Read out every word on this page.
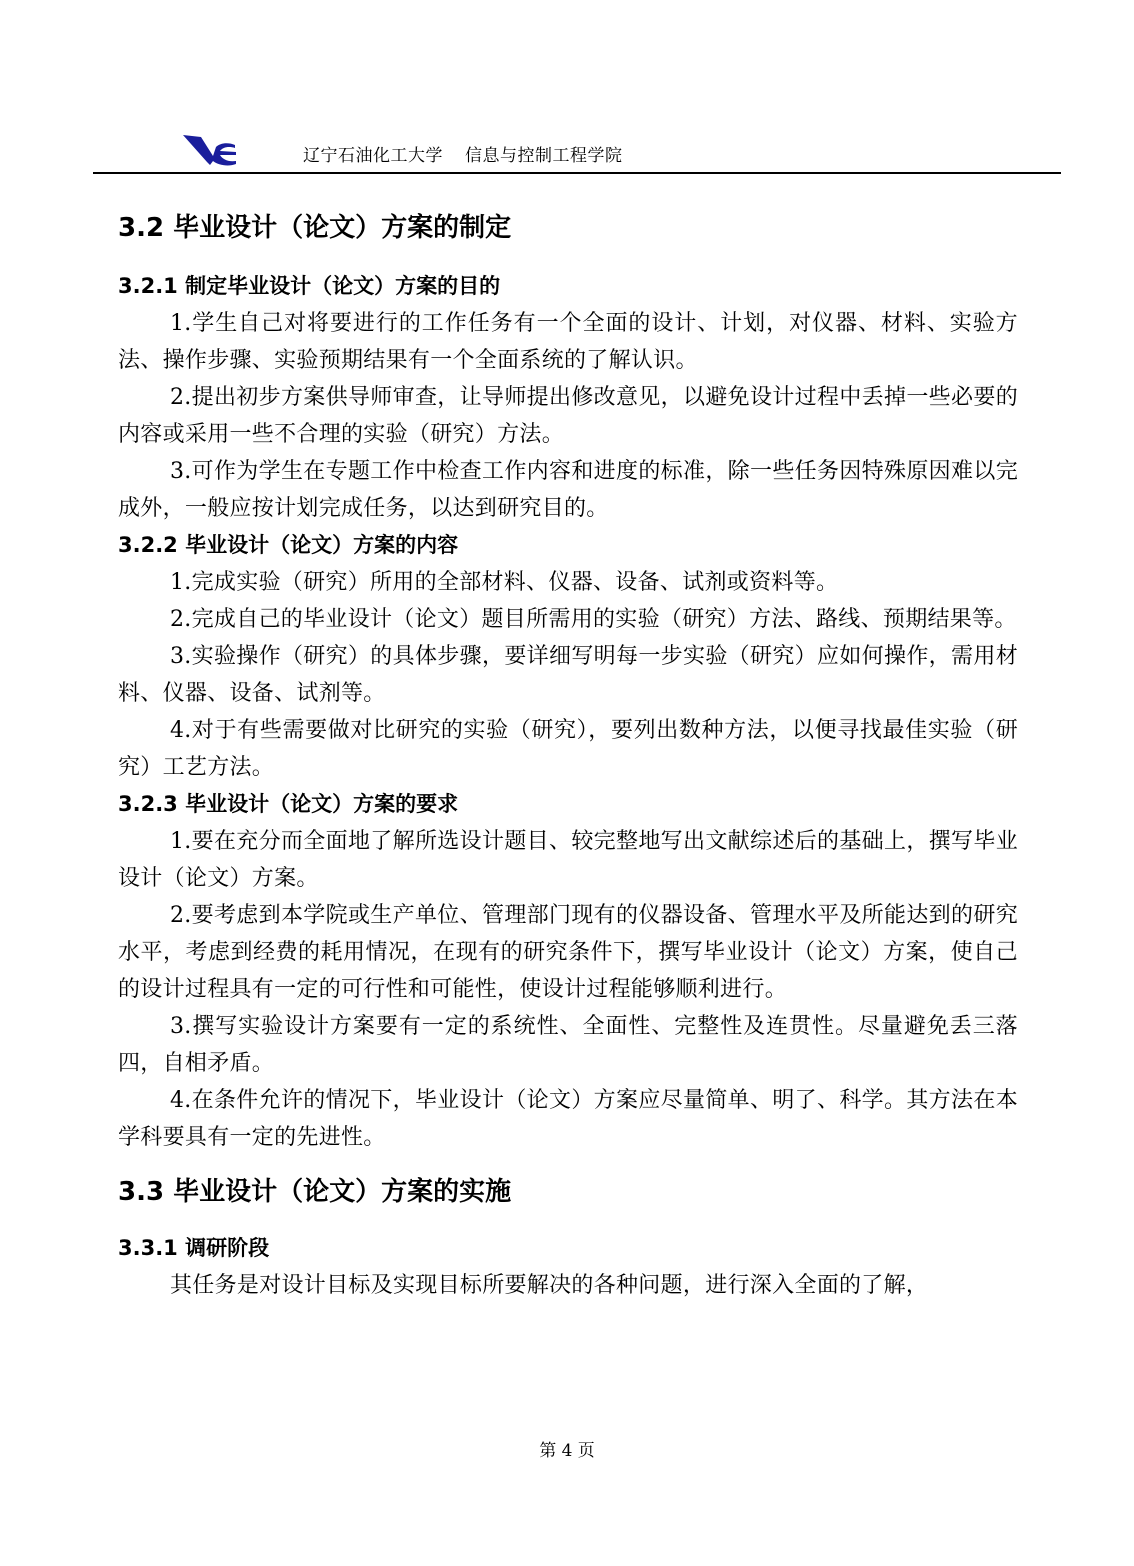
辽宁石油化工大学 信息与控制工程学院
3.2 毕业设计（论文）方案的制定
3.2.1 制定毕业设计（论文）方案的目的

1.学生自己对将要进行的工作任务有一个全面的设计、计划，对仪器、材料、实验方法、操作步骤、实验预期结果有一个全面系统的了解认识。

2.提出初步方案供导师审查，让导师提出修改意见，以避免设计过程中丢掉一些必要的内容或采用一些不合理的实验（研究）方法。

3.可作为学生在专题工作中检查工作内容和进度的标准，除一些任务因特殊原因难以完成外，一般应按计划完成任务，以达到研究目的。

3.2.2 毕业设计（论文）方案的内容

1.完成实验（研究）所用的全部材料、仪器、设备、试剂或资料等。

2.完成自己的毕业设计（论文）题目所需用的实验（研究）方法、路线、预期结果等。

3.实验操作（研究）的具体步骤，要详细写明每一步实验（研究）应如何操作，需用材料、仪器、设备、试剂等。

4.对于有些需要做对比研究的实验（研究），要列出数种方法，以便寻找最佳实验（研究）工艺方法。

3.2.3 毕业设计（论文）方案的要求

1.要在充分而全面地了解所选设计题目、较完整地写出文献综述后的基础上，撰写毕业设计（论文）方案。

2.要考虑到本学院或生产单位、管理部门现有的仪器设备、管理水平及所能达到的研究水平，考虑到经费的耗用情况，在现有的研究条件下，撰写毕业设计（论文）方案，使自己的设计过程具有一定的可行性和可能性，使设计过程能够顺利进行。

3.撰写实验设计方案要有一定的系统性、全面性、完整性及连贯性。尽量避免丢三落四，自相矛盾。

4.在条件允许的情况下，毕业设计（论文）方案应尽量简单、明了、科学。其方法在本学科要具有一定的先进性。

3.3 毕业设计（论文）方案的实施
3.3.1 调研阶段

其任务是对设计目标及实现目标所要解决的各种问题，进行深入全面的了解，

第 4 页
